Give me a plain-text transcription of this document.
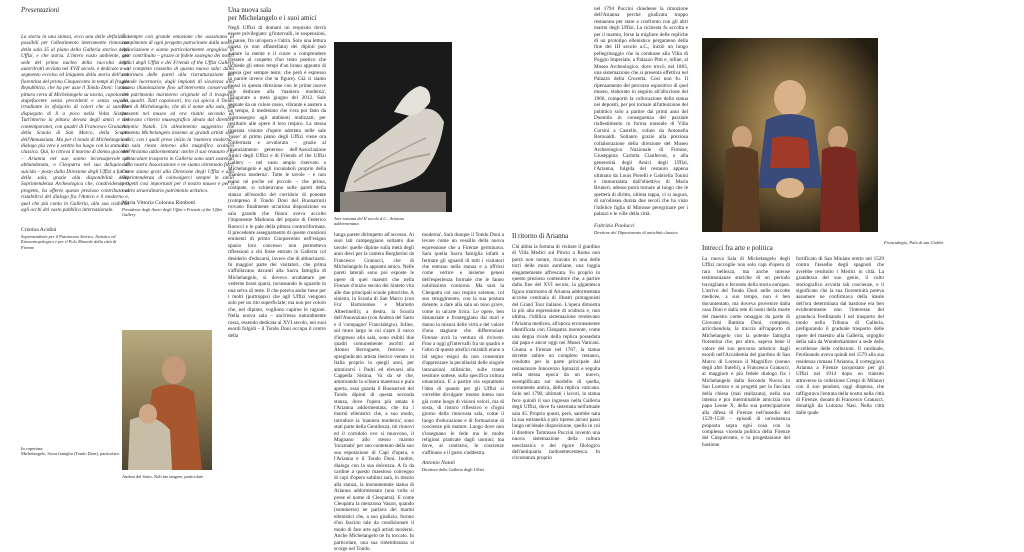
Presentazioni

La storia in una stanza, ecco una delle definizioni possibili per l'allestimento interamente rinnovato della sala 35 al piano della Galleria storica degli Uffizi, e che storia. L'intero vasto ambiente, già sede del primo nucleo della raccolta degli autoritratti avviata nel XVII secolo, è dedicato a un segmento eccelso ed iniquieto della storia dell'arte fiorentina del primo Cinquecento in tempi di fragile Repubblica, che ha per asse il Tondo Doni: l'unica pittura certa di Michelangelo su tavola, capolavoro stupefacente senza precedenti e senza seguito, irradiante lo sfolgorio di colori che si sarebbe dispiegato di lì a poco nella Volta Sistina. Tutt'intorno la pittura devota degli amici e dei contemporanei, con quadri di Francesco Granacci, della Scuola di San Marco, della Scuola dell'Annunziata. Ma per il tondo di Michelangelo il dialogo più vero e sentito ha luogo con la statuaria classica. Qui, lo ritrova il marmo di donna giacente – Arianna nel suo sonno inconsapevole di abbandonata, o Cleopatra nel suo deliquio di suicida – posto dalla Direzione degli Uffizi a fulcro della sala, grazie alla disponibilità della Soprintendenza Archeologica che, condividendo il progetto, ha offerto questo prezioso contributo al ristabilirsi del dialogo fra l'Antico e il moderno e, quel che più conta in Galleria, alla sua visibilità agli occhi del vasto pubblico internazionale.

Cristina Acidini

Soprintendente per il Patrimonio Storico, Artistico ed Etnoantropologico e per il Polo Museale della città di Firenze

In copertina:

Michelangelo, Sacra famiglia (Tondo Doni), particolare.

È sempre con grande emozione che assistiamo al compimento di ogni progetto patrocinato dalla nostra Associazione e siamo particolarmente orgogliosi di aver contribuito – grazie al fedele sostegno dei nostri Amici degli Uffizi e dei Friends of the Uffizi Gallery – al completo riassetto di questa nuova sala: dalla coloritura delle pareti alla ristrutturazione del grande lucernario, dagli impianti di sicurezza alla nuova illuminazione fino all'intervento conservativo del patrimonio marmoreo originale ed il trasporto dei quadri. Tutti capolavori, tra cui spicca il Tondo Doni di Michelangelo, che dà il nome alla sala, già presenti nel museo ed ora riuniti secondo un rinnovato criterio museografico ideato dal direttore Antonio Natali. Un allestimento suggestivo che presenta Michelangelo insieme ai grandi artisti suoi amici, con i quali prese inizio la 'maniera moderna'. La sala riesta intorno alla magnifica scultura dell'Arianna addormentata: anche il suo restauro e lo spettacolare trasporto in Galleria sono stati sostenuti dalla nostra Associazione e ne siamo oltremodo fieri. Come siamo grati alla Direzione degli Uffizi e alla Soprintendenza di coinvolgerci sempre in simili progetti così importanti per il nostro museo e per il nostro straordinario patrimonio artistico.

Maria Vittoria Colonna Rimbotti

Presidente degli Amici degli Uffizi e Friends of the Uffizi Gallery

Andrea del Sarto, Noli me tangere, particolare

Una nuova sala

per Michelangelo e i suoi amici

Negli Uffizi di domani un requisito dovrà essere privilegiato: gl'intervalli, le sospensioni, le pause, fra un'opera e l'altra. Solo una lettura quieta (e non affastellata) dei dipinti può aiutare la mente e il cuore a comprendere d'essere al cospetto d'un testo poetico che richiede gli stessi tempi d'un brano appunto di poesia (per sempre testo; che però è espresso in parole invece che in figure). Già ci siamo mossi in questa direzione con le prime nuove sale dedicate alla 'maniera moderna', inaugurate a metà giugno del 2012. Sale segnate da un colore rosso, vibrante e austero a un tempo, il medesimo che s'era poi fatto da contrassegno agli ambienti realizzati; per restituire alle opere il loro respiro. La stessa riposata visione d'opere adottata nelle sale 'rosse' al primo piano degli Uffizi viene ora confermata e avvalorata – grazie al finanziamento generoso dell'Associazione Amici degli Uffizi e di Friends of the Uffizi Gallery – nel vano ampio riservato a Michelangelo e agli incunaboli proprio della 'maniera moderna'. Tutte le tavole – e non erano né poche né piccole – che prima, costipate, si schieravano sulle pareti della stanza all'esordio del corridoio di ponente (compreso il Tondo Doni del Buonarroti) trovano finalmente un'ariosa disposizione su sala grande che finora aveva accolto l'imponente Madonna del popolo di Federico Barocci e le pale della pittura controriformata. Il precedente assegnamento di queste creazioni eminenti di primo Cinquecento nell'esiguo spazio loro concesso non permetteva riflessioni a chi fosse entrato in Galleria col desiderio d'educarsi, invece che di abbacinarsi. In maggior parte dei visitatori, che prima s'affollavano davanti alla Sacra famiglia di Michelangelo, si doveva arrabattare per vederne brani sparsi, incuneando lo sguardo in una selva di teste. Il che poteva andar bene per i molti (purtroppo) che agli Uffizi vengono solo per un rito superficiale; ma non per coloro che, nel dipinto, vogliono capirne le ragioni. Nella nuova sala – anch'essa naturalmente rossa, essendo dedicata al XVI secolo, nei suoi esordi fulgidi – il Tondo Doni occupa il centro della

Arte romana del II secolo d.C., Arianna addormentata

lunga parete dirimpetto all'accesso. Ai suoi lati campeggiano soltanto due tavole: quelle dipinte sulla metà degli anni dieci per la camera Borgherini da Francesco Granacci, che di Michelangelo fu appunto amico. Nelle pareti laterali sono poi esposte le opere di quei maestri che nella Firenze d'inizio secolo del Sinteto vita alle due principali scuole pittoriche. A sinistra, la Scuola di San Marco (con Fra' Bartolomeo e Mariotto Albertinelli); a destra, la Scuola dell'Annunziata (con Andrea del Sarto e il 'compagno' Franciabigio). Infine, sul muro largo in cui s'apre il varco d'ingresso alla sala, sono esibiti due quadri comunemente ascritti ad Alonso Berruguete, l'estroso e spregiudicato artista iberico venuto in Italia proprio in quegli anni, per ammirarvi i Padri ed elevarsi alla Cappella Sistina. Va da sé che, ammirando la schiera maestosa e pura aperta, essa guarda il Buonarroti del Tondo dipinti di questa seconda stanza, dove l'opera più amata è l'Arianna addormentata, che tra i marmi ellenistici che, a suo modo, introduce la 'maniera moderna', sono stati parte della Gentilezza, mi rinnovi ed il corridoio ove si muovono, il Magnano allo stesso marmo 'incarnato' per suo contenuto della suo sua esposizione di Capi d'opera, e l'Arianna e il Tondo Doni. Inoltre, dialoga con la sua dolcezza. A fa da cardine a questo maestoso convegno di capi d'opera sublimi sarà, in mezzo alla stanza, la monumentale statua di Arianna addormentata (una volta si prese el nome di Cleopatra). E come Cleopatra la menziona Vasari, quando (sommerso) ne parlava dei marmi ellenistici che, a suo giudizio, furono d'un fascino tale da condizionare il modo di fare arte agli artisti moderni. Anche Michelangelo ne fu toccato. In particolare, una sua rimembranza si scorge nel Tondo.

moderna'. Sarà dunque il Tondo Doni a levare come un vessillo della nuova espressione che a Firenze germinava. Sarà quella Sacra famiglia infatti a fermare gli sguardi di tutti i visitatori che entrano nella stanza e a offrirsi come vertice e insieme genesi dell'esperienza formale che le fanno nobilissimo contorno. Ma sarà la Cleopatra col suo respiro solenne, col suo struggimento, con la sua postura dolente, a dare alla sala un tono grave, come in un'arte lirica. Le opere, ben distanziate e fronteggiano dai muri e danno la misura delle virtù e del valore d'una stagione che differenziare Firenze avrà la ventura di rivivere. Fino a oggi gl'intervalli fra un quadro e l'altro di queste artefici mirabili erano a tal segno esigui da non consentire d'apprezzare la peculiarità delle singole intonazioni stilistiche, sulle trame tessiture sottese, sulla specifica cultura umanistica. E a partire era soprattutto l'idea di quanto per gli Uffizi si vorrebbe divulgare: museo inteso non già come luogo di visioni veloci, ma di sosta, di ristoro riflessivo e d'ogni giorno della rinnovata sala, come il luogo d'educazione e di formazione di coscienze più mature. Luogo dove non s'insegnano le fede ma le molte religioni praticate dagli uomini; ma dove, al contrario, le coscienze s'affinano e il gusto s'addestra.

Antonio Natali

Direttore della Galleria degli Uffizi

Il ritorno di Arianna

Chi abbia la fortuna di visitare il giardino di Villa Medici sul Pincio a Roma non potrà non notare, ricavata in una delle torri delle mura aureliane, una loggia elegantemente affrescata. Fu proprio in questo prezioso contenitore che, a partire dalla fine del XVI secolo, la gigantesca figura marmorea di Arianna addormentata accolse centinaia di illustri protagonisti del Grand Tour italiano. L'opera dimostra la più alta espressione di scultura e, non ultima, l'idillica sistemazione rendevano l'Arianna medicea, all'epoca erroneamente identificata con Cleopatra morente, come una degna rivale della replica posseduta dal papa e ancor oggi nei Musei Vaticani. Giunta a Firenze nel 1787, la statua dovette subire un completo restauro, condotto per la parte principale dal restauratore Innocenzo Spinazzi e seguita nella stessa epoca da un nuovo, esemplificata sul modello di quella, certamente antica, della replica vaticana. Solo nel 1790, ultimati i lavori, la statua fece quindi il suo ingresso nella Galleria degli Uffizi, dove fu sistemata nell'attuale sala 45. Proprio questi, però, sarebbe nata la sua estraneità a più riprese alcuni passi lungo un'ideale disposizione, quella in cui il direttore Tommaso Puccini inventò una nuova sistemazione della cultura neoclassica e dei rigore filologico dell'antiquaria tardosettecentesca. In circostanza proprio

nel 1794 Puccini chiedesse la rimozione dell'Arianna perché giudicata troppo restaurata per stare a confronto con gli altri marmi degli Uffizi. La richiesta fu accolta e per il marmo, forse la migliore delle repliche di un prototipo ellenistico pergameno della fine del III secolo a.C., iniziò un lungo pellegrinaggio che la condusse alla Villa di Poggio Imperiale, a Palazzo Pitti e, infine, al Museo Archeologico, dove trovò, nel 1883, una sistemazione che si presenta effettiva nel Palazzo della Crocetta. Così non fu. Il ripensamento del percorso espositivo di quel museo, elaborato in seguito all'alluvione del 1966, comportò la collocazione della statua nei depositi, per poi tornare all'attenzione del pubblico solo a partire dai primi anni del Duemila in conseguenza del parziale riallestimento in forma museale di Villa Corsini a Castello, voluto da Antonella Romualdi. Soltanto grazie alla preziosa collaborazione della direzione del Museo Archeologico Nazionale di Firenze, Giuseppina Carlotta Cianferoni, e alla generosità degli Amici degli Uffizi, l'Arianna, fulgida del restauro appena ultimato da Louis Pierelli e Gabriella Tonini e immortalata dall'obiettivo di Maria Bruneri, adesso potrà tornare al luogo che le spetterà di diritto, ultima tappa, ci si augura, di un'odissea durata due secoli che ha visto l'infelice figlia di Minosse peregrinare per i palazzi e le ville della città.

Fabrizio Paolucci

Direttore del Dipartimento di antichità classica

Franciabigio, Pala di san Giobbe

Intrecci fra arte e politica

La nuova Sala di Michelangelo degli Uffizi raccoglie non solo capi d'opera di rara bellezza, ma anche intense testimonianze storiche di un periodo travagliato e fecondo della storia europea. L'arrivo del Tondo Doni nelle raccolte medicee, a suo tempo, non è ben documentato, ma doveva provenire dalla casa Doni e dalla rete di nomi della morte del maestro come omaggio da parte di Giovanni Battista Doni, completa, arricchendola, la traccia all'rapporto di Michelangelo con la potente famiglia fiorentina che, per altro, sapeva bene il valore del suo percorso artistico: dagli esordi nell'Accademia del giardino di San Marco di Lorenzo il Magnifico (nonno degli altri fratelli), a Francesco Granacci, al maggiore e più fedele dialogo fra i Michelangelo dalla Seconda Nuova in San Lorenzo e ai progetti per la facciata della chiesa (mai realizzata), nella sua intensa e poi interminabile amicizia con papa Leone X, della sua partecipazione alla difesa di Firenze nell'assedio del 1529-1530 – episodi di un'esistenza proposta sopra ogni cosa con la complessa vicenda politica della Firenze del Cinquecento, e la progettazione del bastione

fortificato di San Miniato eretto nel 1529 contro l'assedio degli spagnoli che avrebbe restituito i Medici in città. La grandezza del suo genio, il culto storiografico avvolta tali coscienze, e il significato che la sua fiorentinità poteva assumere ne confirmava della ideale dell'ora determinata dal bastione era ben evidentemente non l'interesse del granduca Ferdinando I nel trasporto del tondo nella Tribuna di Galleria, prefigurando il graduale trasporto delle opere del maestro alla Galleria, orgoglio della sala da Wunderkammer a sede delle eccellenze delle collezioni. Il cardinale, Ferdinando aveva quindi nel 1579 alla sua residenza romana l'Arianna, il corteggiava Arianna a Firenze (acquistato per gli Uffizi nel 1914 dopo un transito attraverso la collezione Crespi di Milano) con il suo pendant, oggi dispersa, che raffigurava l'entrata della nostra nella città di Firenze, donato di Francesco Granacci, donatigli da Lutozzo Nasi. Nella città dalle quale
